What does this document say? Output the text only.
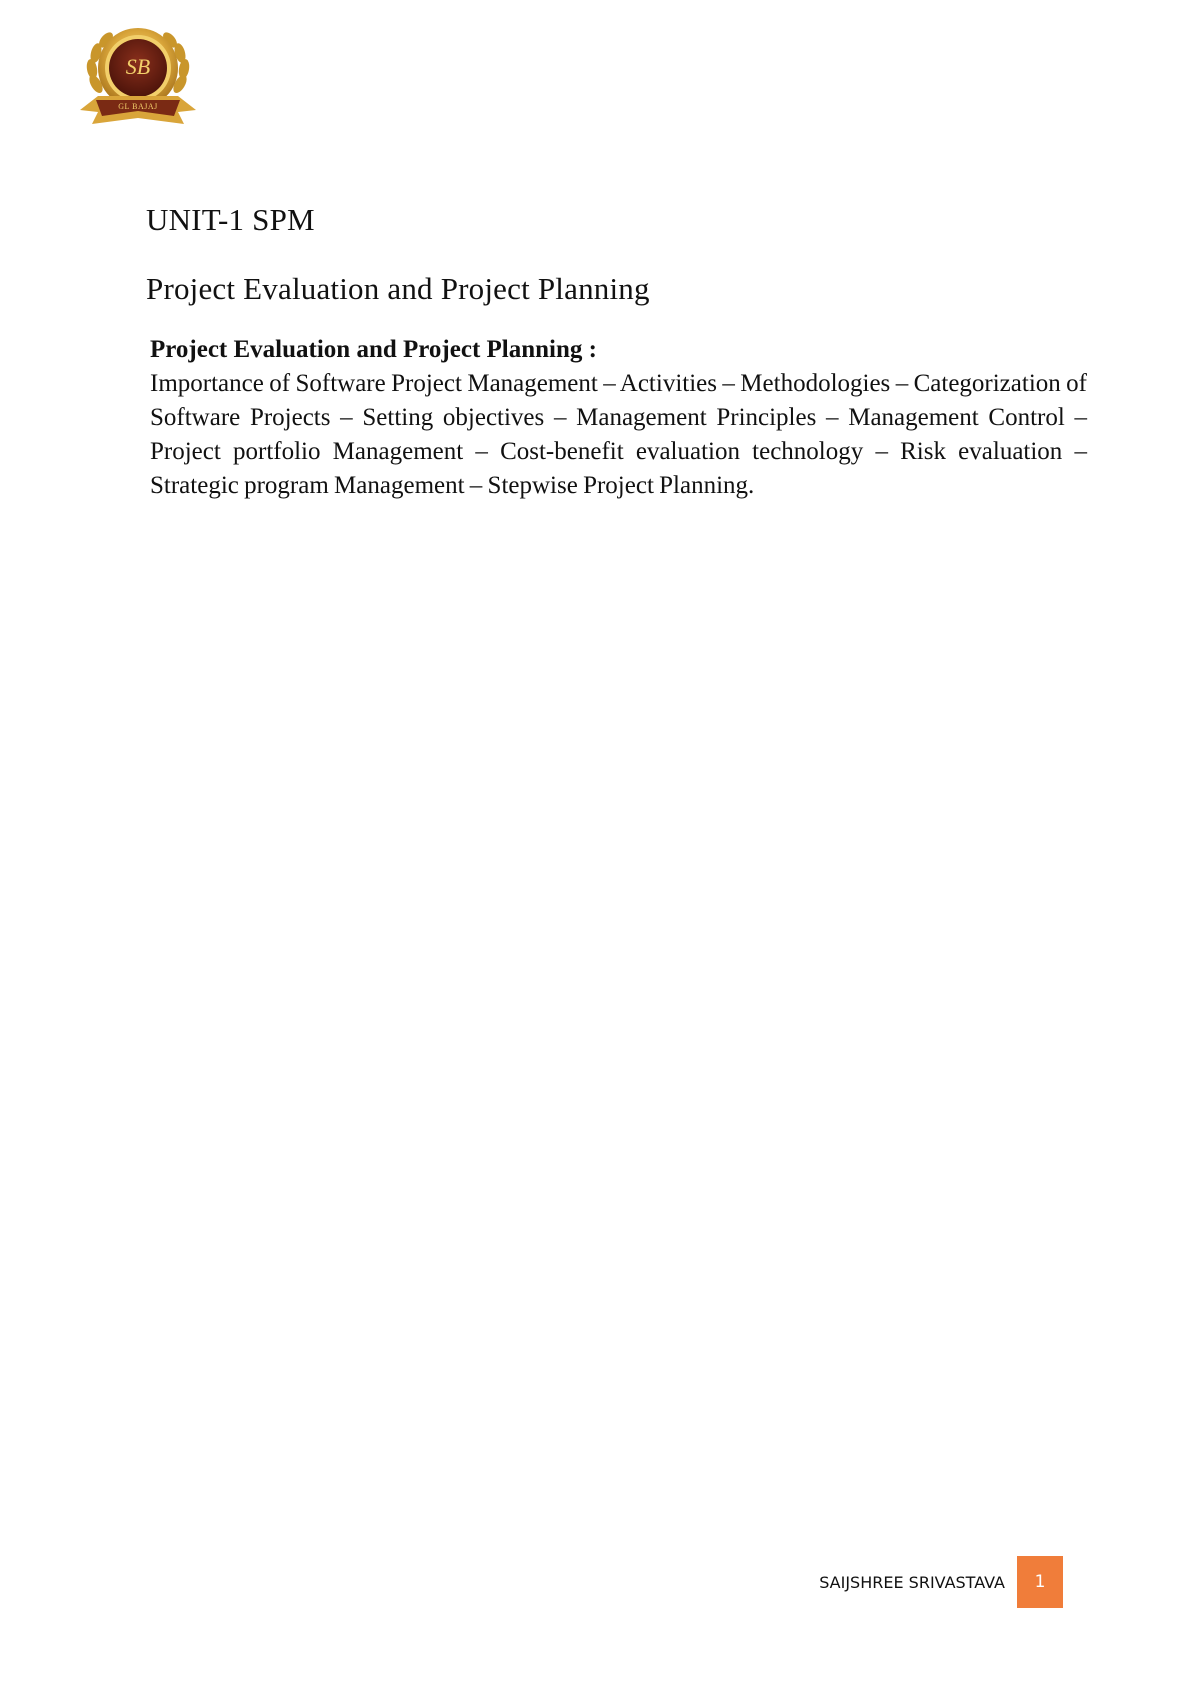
SB
GL BAJAJ
UNIT-1 SPM
Project Evaluation and Project Planning

Project Evaluation and Project Planning :

Importance of Software Project Management – Activities – Methodologies – Categorization of Software Projects – Setting objectives – Management Principles – Management Control – Project portfolio Management – Cost-benefit evaluation technology – Risk evaluation – Strategic program Management – Stepwise Project Planning.

SAIJSHREE SRIVASTAVA	1
